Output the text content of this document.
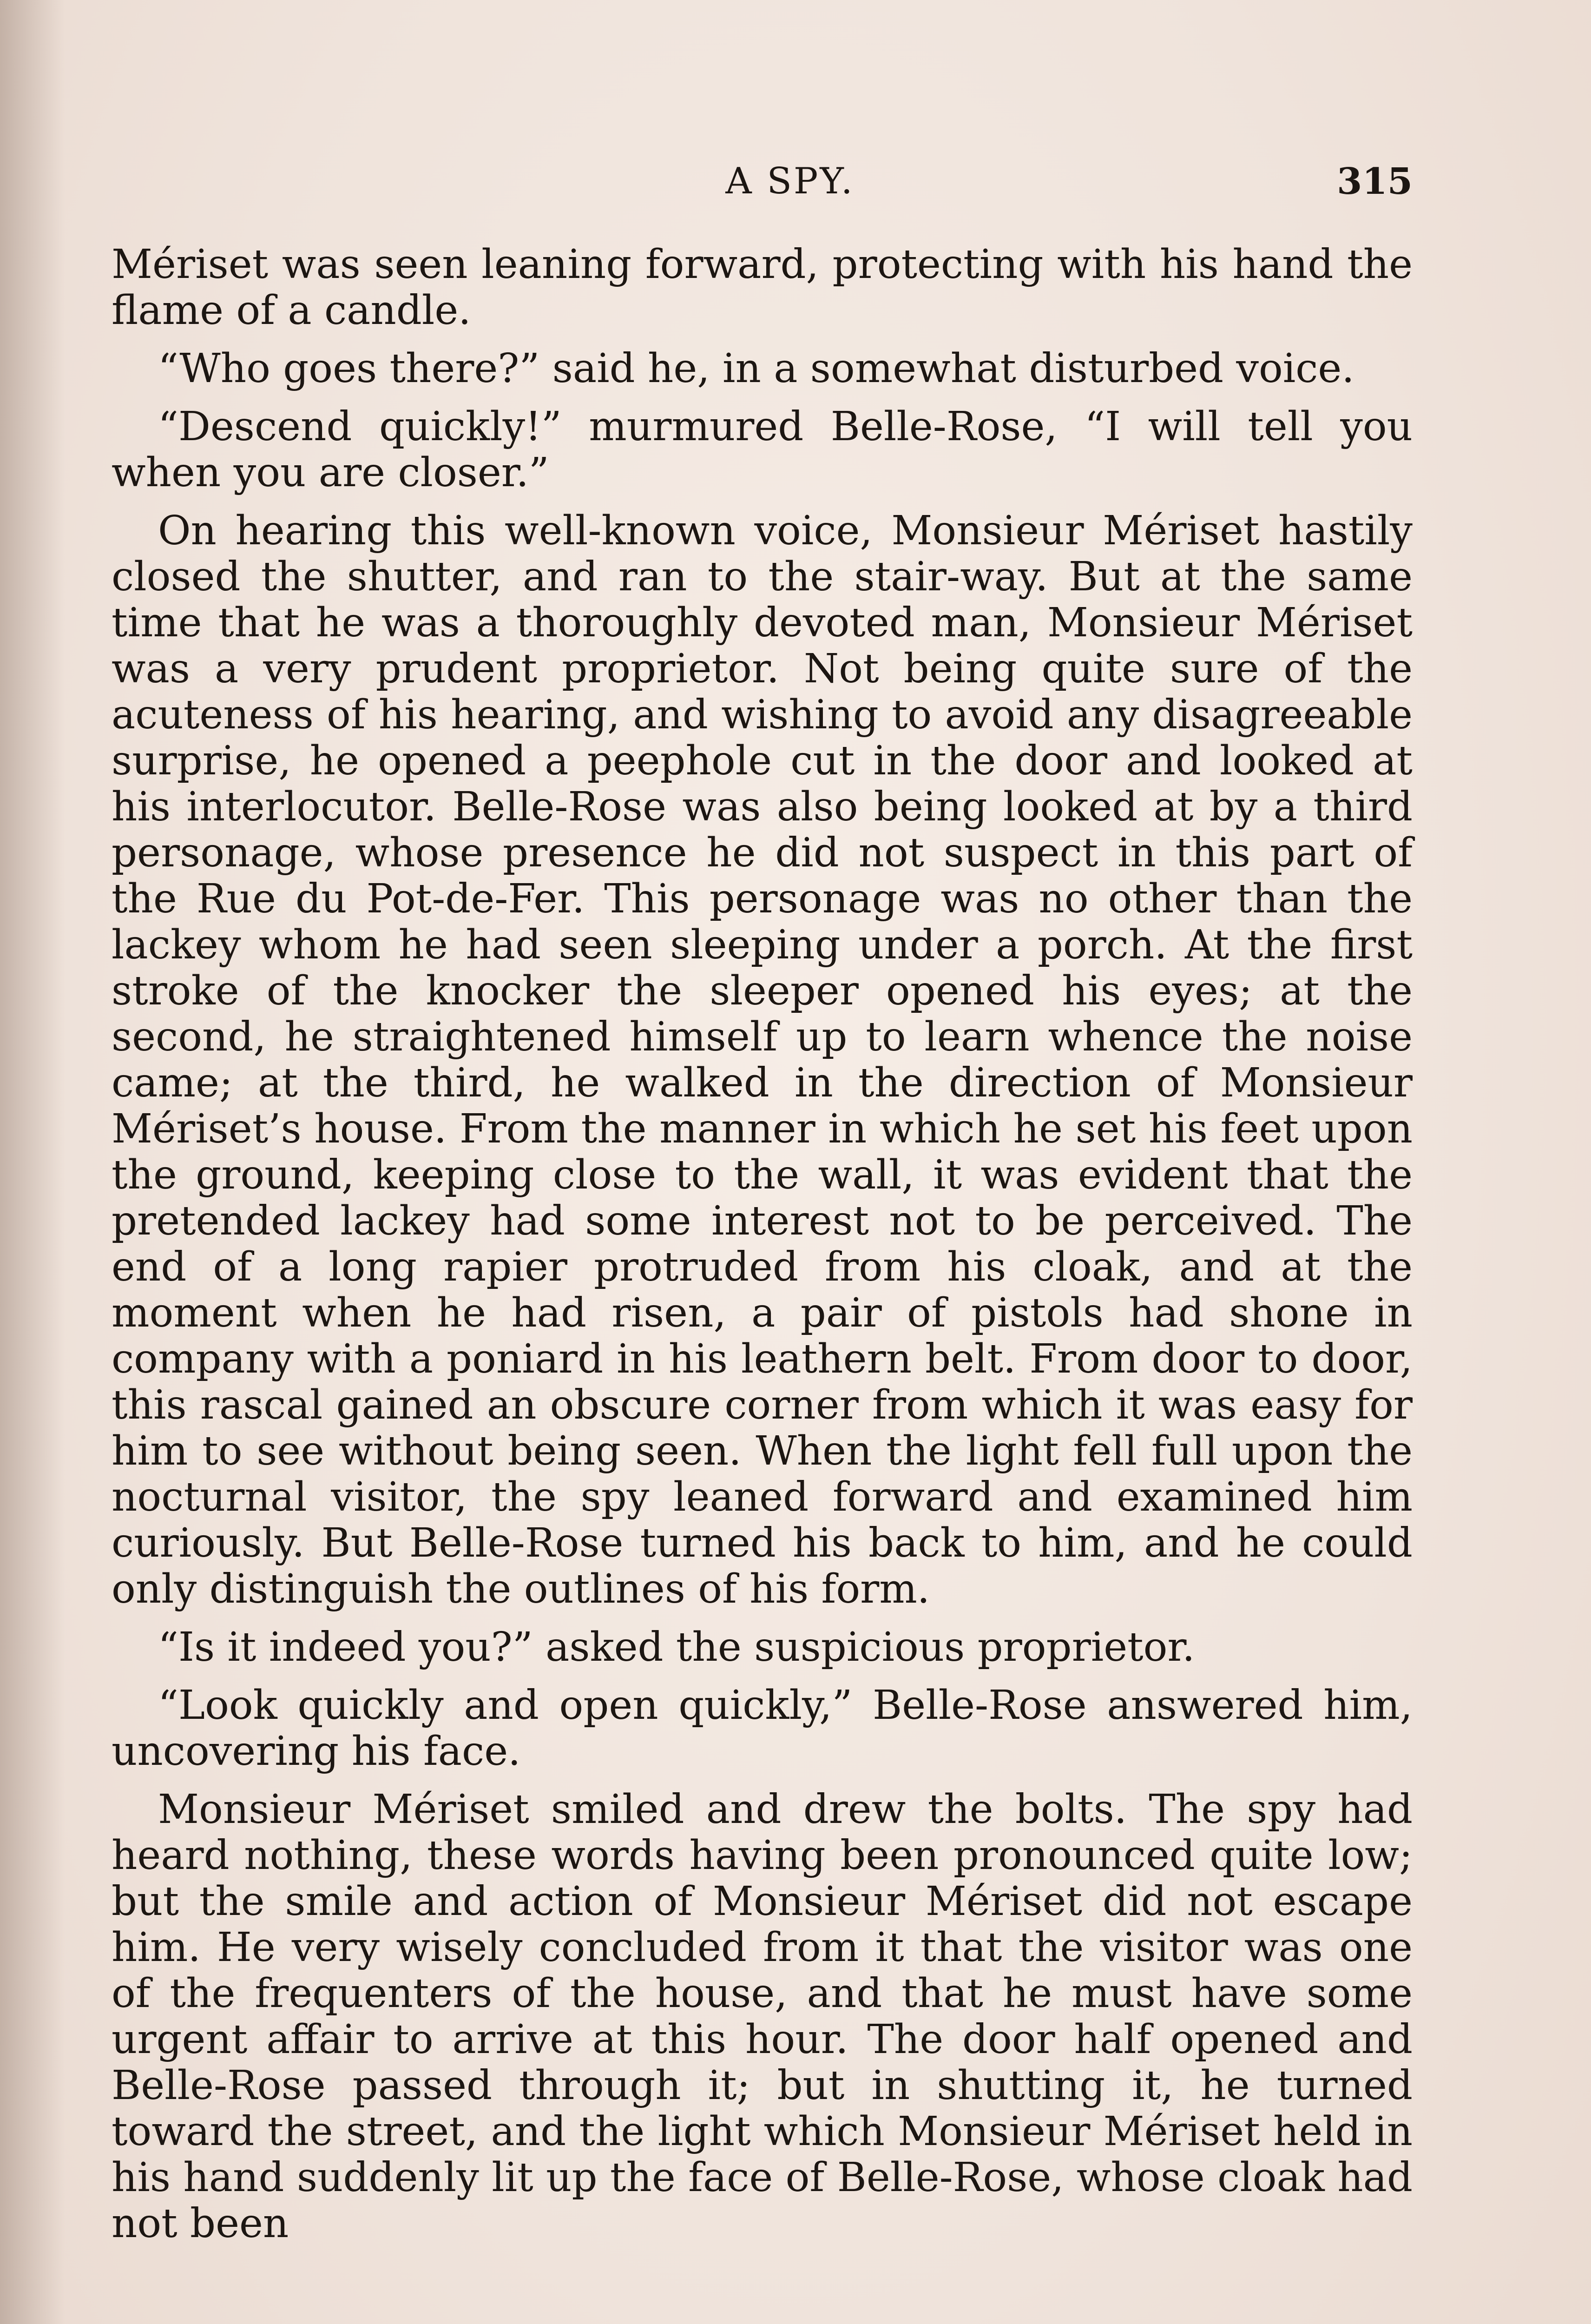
A SPY.	315

Mériset was seen leaning forward, protecting with his hand the flame of a candle.

“Who goes there?” said he, in a somewhat disturbed voice.

“Descend quickly!” murmured Belle-Rose, “I will tell you when you are closer.”

On hearing this well-known voice, Monsieur Mériset hastily closed the shutter, and ran to the stair-way. But at the same time that he was a thoroughly devoted man, Monsieur Mériset was a very prudent proprietor. Not being quite sure of the acuteness of his hearing, and wishing to avoid any disagreeable surprise, he opened a peephole cut in the door and looked at his interlocutor. Belle-Rose was also being looked at by a third personage, whose presence he did not suspect in this part of the Rue du Pot-de-Fer. This personage was no other than the lackey whom he had seen sleeping under a porch. At the first stroke of the knocker the sleeper opened his eyes; at the second, he straightened himself up to learn whence the noise came; at the third, he walked in the direction of Monsieur Mériset’s house. From the manner in which he set his feet upon the ground, keeping close to the wall, it was evident that the pretended lackey had some interest not to be perceived. The end of a long rapier protruded from his cloak, and at the moment when he had risen, a pair of pistols had shone in company with a poniard in his leathern belt. From door to door, this rascal gained an obscure corner from which it was easy for him to see without being seen. When the light fell full upon the nocturnal visitor, the spy leaned forward and examined him curiously. But Belle-Rose turned his back to him, and he could only distinguish the outlines of his form.

“Is it indeed you?” asked the suspicious proprietor.

“Look quickly and open quickly,” Belle-Rose answered him, uncovering his face.

Monsieur Mériset smiled and drew the bolts. The spy had heard nothing, these words having been pronounced quite low; but the smile and action of Monsieur Mériset did not escape him. He very wisely concluded from it that the visitor was one of the frequenters of the house, and that he must have some urgent affair to arrive at this hour. The door half opened and Belle-Rose passed through it; but in shutting it, he turned toward the street, and the light which Monsieur Mériset held in his hand suddenly lit up the face of Belle-Rose, whose cloak had not been
